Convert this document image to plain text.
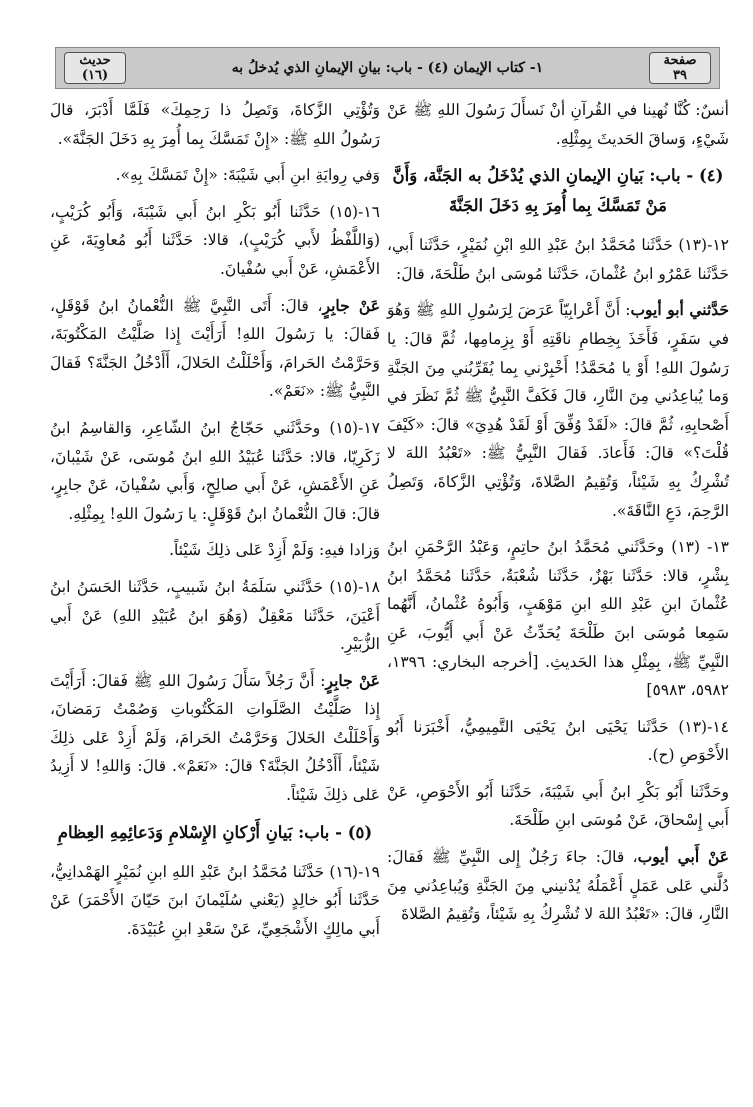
صفحة
٣٩
١- كتاب الإيمان (٤) - باب: بيانِ الإيمانِ الذي يُدخلُ به
حديث
(١٦)

أنسٌ: كُنَّا نُهينا في القُرآنِ أنْ نَسأَلَ رَسُولَ اللهِ ﷺ عَنْ شَيْءٍ، وَساقَ الحَديثَ بِمِثْلِهِ.

(٤) - باب: بَيانِ الإيمانِ الذي يُدْخَلُ به الجَنَّة، وَأَنَّ مَنْ تَمَسَّكَ بِما أُمِرَ بِهِ دَخَلَ الجَنَّةَ

١٢-(١٣) حَدَّثَنا مُحَمَّدُ ابنُ عَبْدِ اللهِ ابْنِ نُمَيْرٍ، حَدَّثَنا أَبي، حَدَّثَنا عَمْرُو ابنُ عُثْمانَ، حَدَّثَنا مُوسَى ابنُ طَلْحَةَ، قالَ:

حَدَّثني أبو أيوب: أَنَّ أَعْرابِيّاً عَرَضَ لِرَسُولِ اللهِ ﷺ وَهُوَ في سَفَرٍ، فَأَخَذَ بِخِطامِ ناقَتِهِ أَوْ بِزِمامِها، ثُمَّ قالَ: يا رَسُولَ اللهِ! أَوْ يا مُحَمَّدُ! أَخْبِرْني بِما يُقَرِّبُني مِنَ الجَنَّةِ وَما يُباعِدُني مِنَ النَّارِ، قالَ فَكَفَّ النَّبِيُّ ﷺ ثُمَّ نَظَرَ في أَصْحابِهِ، ثُمَّ قالَ: «لَقَدْ وُفِّقَ أَوْ لَقَدْ هُدِيَ» قالَ: «كَيْفَ قُلْتَ؟» قالَ: فَأَعادَ. فَقالَ النَّبِيُّ ﷺ: «تَعْبُدُ اللهَ لا تُشْرِكُ بِهِ شَيْئاً، وَتُقِيمُ الصَّلاةَ، وَتُؤْتِي الزَّكاةَ، وَتَصِلُ الرَّحِمَ، دَعِ النَّاقَةَ».

١٣- (١٣) وحَدَّثَني مُحَمَّدُ ابنُ حاتِمٍ، وَعَبْدُ الرَّحْمَنِ ابنُ بِشْرٍ، قالا: حَدَّثَنا بَهْزٌ، حَدَّثَنا شُعْبَةُ، حَدَّثَنا مُحَمَّدُ ابنُ عُثْمانَ ابنِ عَبْدِ اللهِ ابنِ مَوْهَبٍ، وَأَبُوهُ عُثْمانُ، أَنَّهُما سَمِعا مُوسَى ابنَ طَلْحَةَ يُحَدِّثُ عَنْ أَبي أَيُّوبَ، عَنِ النَّبِيِّ ﷺ، بِمِثْلِ هذا الحَديثِ. [أخرجه البخاري: ١٣٩٦، ٥٩٨٢، ٥٩٨٣]

١٤-(١٣) حَدَّثَنا يَحْيَى ابنُ يَحْيَى التَّمِيمِيُّ، أَخْبَرَنا أَبُو الأَحْوَصِ (ح).

وحَدَّثَنا أَبُو بَكْرِ ابنُ أَبي شَيْبَةَ، حَدَّثَنا أَبُو الأَحْوَصِ، عَنْ أَبي إِسْحاقَ، عَنْ مُوسَى ابنِ طَلْحَةَ.

عَنْ أَبي أيوب، قالَ: جاءَ رَجُلٌ إِلى النَّبِيِّ ﷺ فَقالَ: دُلَّني عَلى عَمَلٍ أَعْمَلُهُ يُدْنيني مِنَ الجَنَّةِ وَيُباعِدُني مِنَ النَّارِ، قالَ: «تَعْبُدُ اللهَ لا تُشْرِكُ بِهِ شَيْئاً، وَتُقِيمُ الصَّلاةَ

وَتُؤْتِي الزَّكاةَ، وَتَصِلُ ذا رَحِمِكَ» فَلَمَّا أَدْبَرَ، قالَ رَسُولُ اللهِ ﷺ: «إِنْ تَمَسَّكَ بِما أُمِرَ بِهِ دَخَلَ الجَنَّةَ».

وَفي رِوايَةِ ابنِ أَبي شَيْبَةَ: «إِنْ تَمَسَّكَ بِهِ».

١٦-(١٥) حَدَّثَنا أَبُو بَكْرِ ابنُ أَبي شَيْبَةَ، وَأَبُو كُرَيْبٍ، (وَاللَّفْظُ لأَبي كُرَيْبٍ)، قالا: حَدَّثَنا أَبُو مُعاوِيَةَ، عَنِ الأَعْمَشِ، عَنْ أَبي سُفْيانَ.

عَنْ جابِرٍ، قالَ: أَتَى النَّبِيَّ ﷺ النُّعْمانُ ابنُ قَوْقَلٍ، فَقالَ: يا رَسُولَ اللهِ! أَرَأَيْتَ إِذا صَلَّيْتُ المَكْتُوبَةَ، وَحَرَّمْتُ الحَرامَ، وَأَحْلَلْتُ الحَلالَ، أَأَدْخُلُ الجَنَّةَ؟ فَقالَ النَّبِيُّ ﷺ: «نَعَمْ».

١٧-(١٥) وحَدَّثَني حَجّاجُ ابنُ الشّاعِرِ، وَالقاسِمُ ابنُ زَكَرِيّا، قالا: حَدَّثَنا عُبَيْدُ اللهِ ابنُ مُوسَى، عَنْ شَيْبانَ، عَنِ الأَعْمَشِ، عَنْ أَبي صالِحٍ، وَأَبي سُفْيانَ، عَنْ جابِرٍ، قالَ: قالَ النُّعْمانُ ابنُ قَوْقَلٍ: يا رَسُولَ اللهِ! بِمِثْلِهِ.

وَزادا فيهِ: وَلَمْ أَزِدْ عَلى ذلِكَ شَيْئاً.

١٨-(١٥) حَدَّثَني سَلَمَةُ ابنُ شَبيبٍ، حَدَّثَنا الحَسَنُ ابنُ أَعْيَنَ، حَدَّثَنا مَعْقِلٌ (وَهُوَ ابنُ عُبَيْدِ اللهِ) عَنْ أَبي الزُّبَيْرِ.

عَنْ جابِرٍ: أَنَّ رَجُلاً سَأَلَ رَسُولَ اللهِ ﷺ فَقالَ: أَرَأَيْتَ إِذا صَلَّيْتُ الصَّلَواتِ المَكْتُوباتِ وَصُمْتُ رَمَضانَ، وَأَحْلَلْتُ الحَلالَ وَحَرَّمْتُ الحَرامَ، وَلَمْ أَزِدْ عَلى ذلِكَ شَيْئاً، أَأَدْخُلُ الجَنَّةَ؟ قالَ: «نَعَمْ». قالَ: وَاللهِ! لا أَزِيدُ عَلى ذلِكَ شَيْئاً.

(٥) - باب: بَيانِ أَرْكانِ الإِسْلامِ وَدَعائِمِهِ العِظامِ

١٩-(١٦) حَدَّثَنا مُحَمَّدُ ابنُ عَبْدِ اللهِ ابنِ نُمَيْرٍ الهَمْدانِيُّ، حَدَّثَنا أَبُو خالِدٍ (يَعْني سُلَيْمانَ ابنَ حَيّانَ الأَحْمَرَ) عَنْ أَبي مالِكٍ الأَشْجَعِيِّ، عَنْ سَعْدِ ابنِ عُبَيْدَةَ.
